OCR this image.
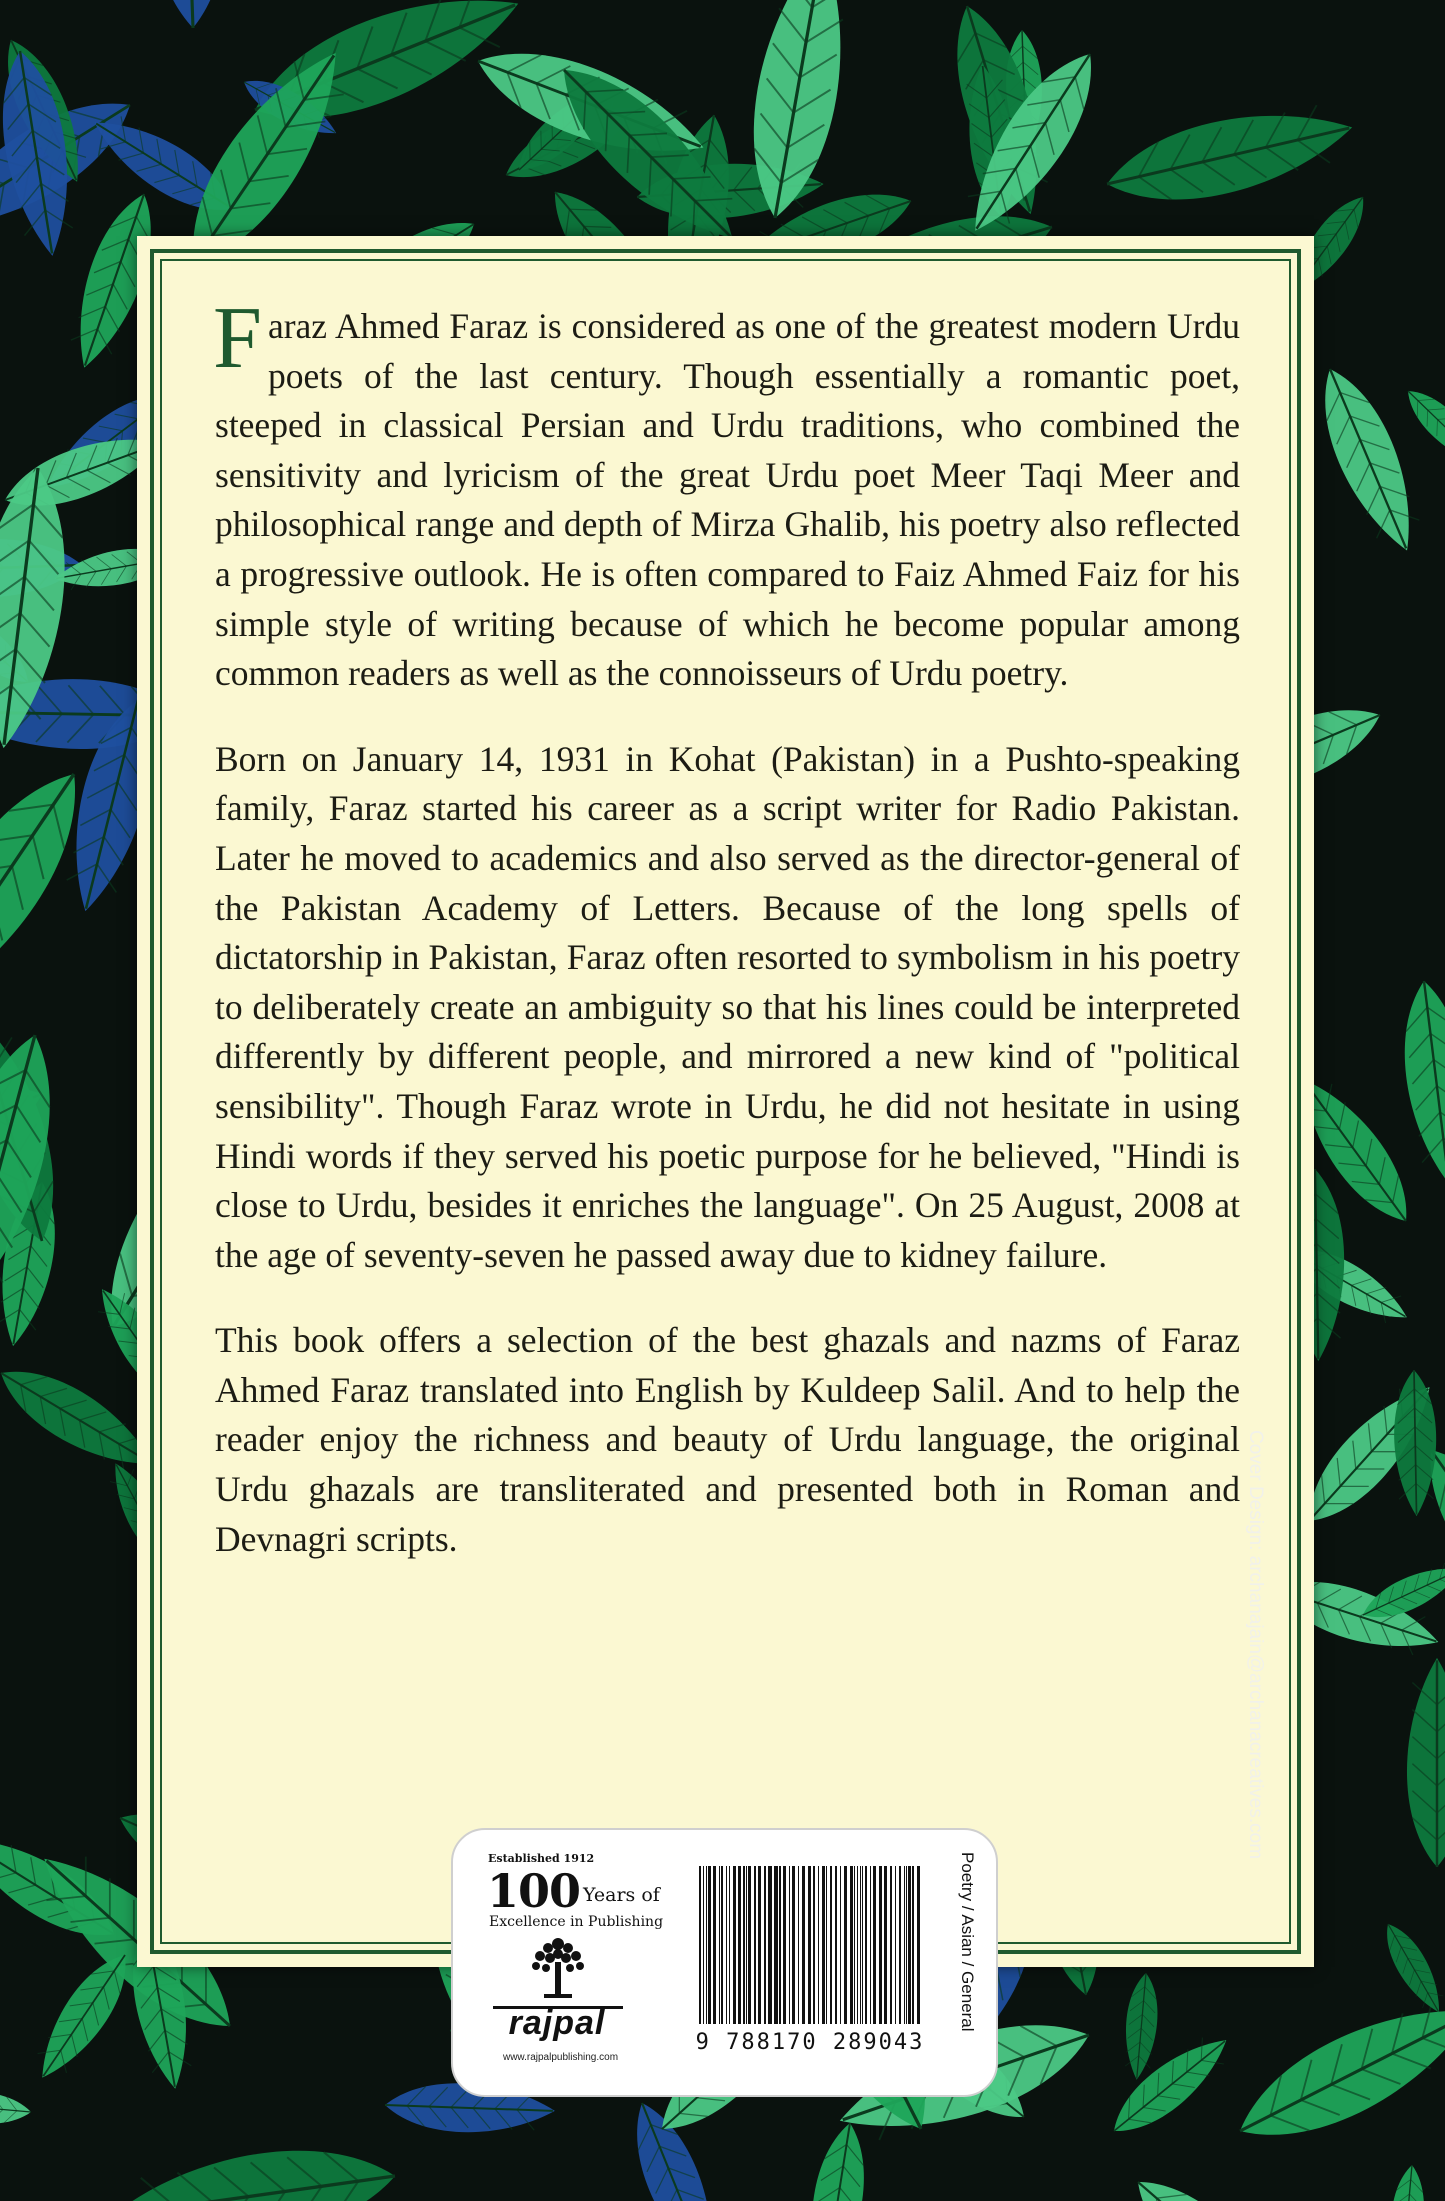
Faraz Ahmed Faraz is considered as one of the greatest modern Urdu poets of the last century. Though essentially a romantic poet, steeped in classical Persian and Urdu traditions, who combined the sensitivity and lyricism of the great Urdu poet Meer Taqi Meer and philosophical range and depth of Mirza Ghalib, his poetry also reflected a progressive outlook. He is often compared to Faiz Ahmed Faiz for his simple style of writing because of which he become popular among common readers as well as the connoisseurs of Urdu poetry.

Born on January 14, 1931 in Kohat (Pakistan) in a Pushto-speaking family, Faraz started his career as a script writer for Radio Pakistan. Later he moved to academics and also served as the director-general of the Pakistan Academy of Letters. Because of the long spells of dictatorship in Pakistan, Faraz often resorted to symbolism in his poetry to deliberately create an ambiguity so that his lines could be interpreted differently by different people, and mirrored a new kind of "political sensibility". Though Faraz wrote in Urdu, he did not hesitate in using Hindi words if they served his poetic purpose for he believed, "Hindi is close to Urdu, besides it enriches the language". On 25 August, 2008 at the age of seventy-seven he passed away due to kidney failure.

This book offers a selection of the best ghazals and nazms of Faraz Ahmed Faraz translated into English by Kuldeep Salil. And to help the reader enjoy the richness and beauty of Urdu language, the original Urdu ghazals are transliterated and presented both in Roman and Devnagri scripts.	Cover Design: archanajain@archanacreatives.com
Established 1912
100 Years of
Excellence in Publishing
rajpal
www.rajpalpublishing.com
9 788170 289043
Poetry / Asian / General
